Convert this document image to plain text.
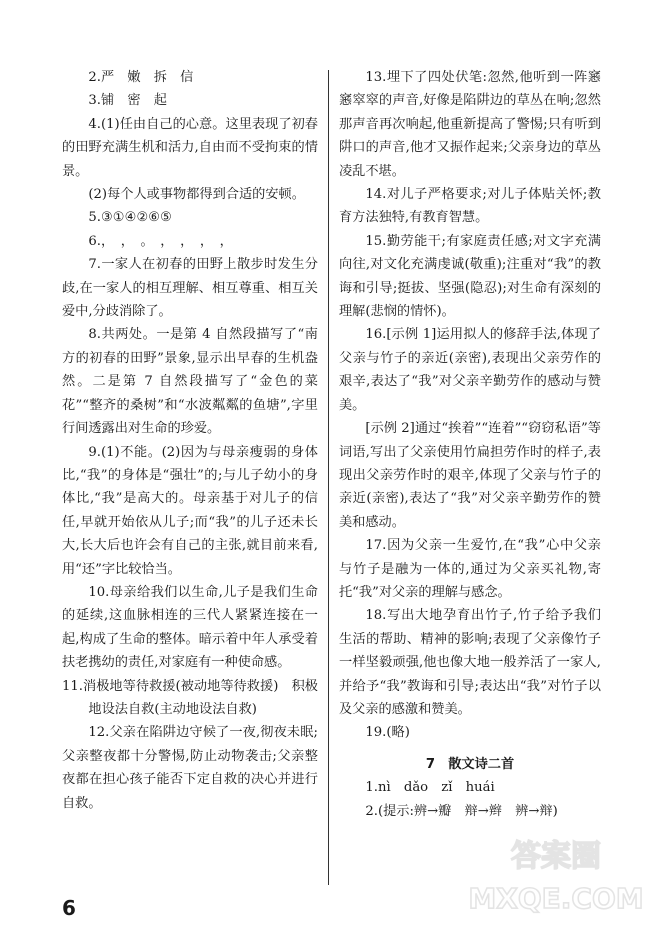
2.严　嫩　拆　信

3.铺　密　起

4.(1)任由自己的心意。这里表现了初春的田野充满生机和活力,自由而不受拘束的情景。

(2)每个人或事物都得到合适的安顿。

5.③①④②⑥⑤

6.，　，　。　，　，　，　，

7.一家人在初春的田野上散步时发生分歧,在一家人的相互理解、相互尊重、相互关爱中,分歧消除了。

8.共两处。一是第 4 自然段描写了“南方的初春的田野”景象,显示出早春的生机盎然。二是第 7 自然段描写了“金色的菜花”“整齐的桑树”和“水波粼粼的鱼塘”,字里行间透露出对生命的珍爱。

9.(1)不能。(2)因为与母亲瘦弱的身体比,“我”的身体是“强壮”的;与儿子幼小的身体比,“我”是高大的。母亲基于对儿子的信任,早就开始依从儿子;而“我”的儿子还未长大,长大后也许会有自己的主张,就目前来看,用“还”字比较恰当。

10.母亲给我们以生命,儿子是我们生命的延续,这血脉相连的三代人紧紧连接在一起,构成了生命的整体。暗示着中年人承受着扶老携幼的责任,对家庭有一种使命感。

11.消极地等待救援(被动地等待救援)　积极地设法自救(主动地设法自救)

12.父亲在陷阱边守候了一夜,彻夜未眠;父亲整夜都十分警惕,防止动物袭击;父亲整夜都在担心孩子能否下定自救的决心并进行自救。

13.埋下了四处伏笔:忽然,他听到一阵窸窸窣窣的声音,好像是陷阱边的草丛在响;忽然那声音再次响起,他重新提高了警惕;只有听到阱口的声音,他才又振作起来;父亲身边的草丛凌乱不堪。

14.对儿子严格要求;对儿子体贴关怀;教育方法独特,有教育智慧。

15.勤劳能干;有家庭责任感;对文字充满向往,对文化充满虔诚(敬重);注重对“我”的教诲和引导;挺拔、坚强(隐忍);对生命有深刻的理解(悲悯的情怀)。

16.[示例 1]运用拟人的修辞手法,体现了父亲与竹子的亲近(亲密),表现出父亲劳作的艰辛,表达了“我”对父亲辛勤劳作的感动与赞美。

[示例 2]通过“挨着”“连着”“窃窃私语”等词语,写出了父亲使用竹扁担劳作时的样子,表现出父亲劳作时的艰辛,体现了父亲与竹子的亲近(亲密),表达了“我”对父亲辛勤劳作的赞美和感动。

17.因为父亲一生爱竹,在“我”心中父亲与竹子是融为一体的,通过为父亲买礼物,寄托“我”对父亲的理解与感念。

18.写出大地孕育出竹子,竹子给予我们生活的帮助、精神的影响;表现了父亲像竹子一样坚毅顽强,他也像大地一般养活了一家人,并给予“我”教诲和引导;表达出“我”对竹子以及父亲的感激和赞美。

19.(略)

7　散文诗二首

1.nì　dǎo　zǐ　huái

2.(提示:辨→瓣　辩→辫　辨→辩)

6
答案圈
MXQE.COM
